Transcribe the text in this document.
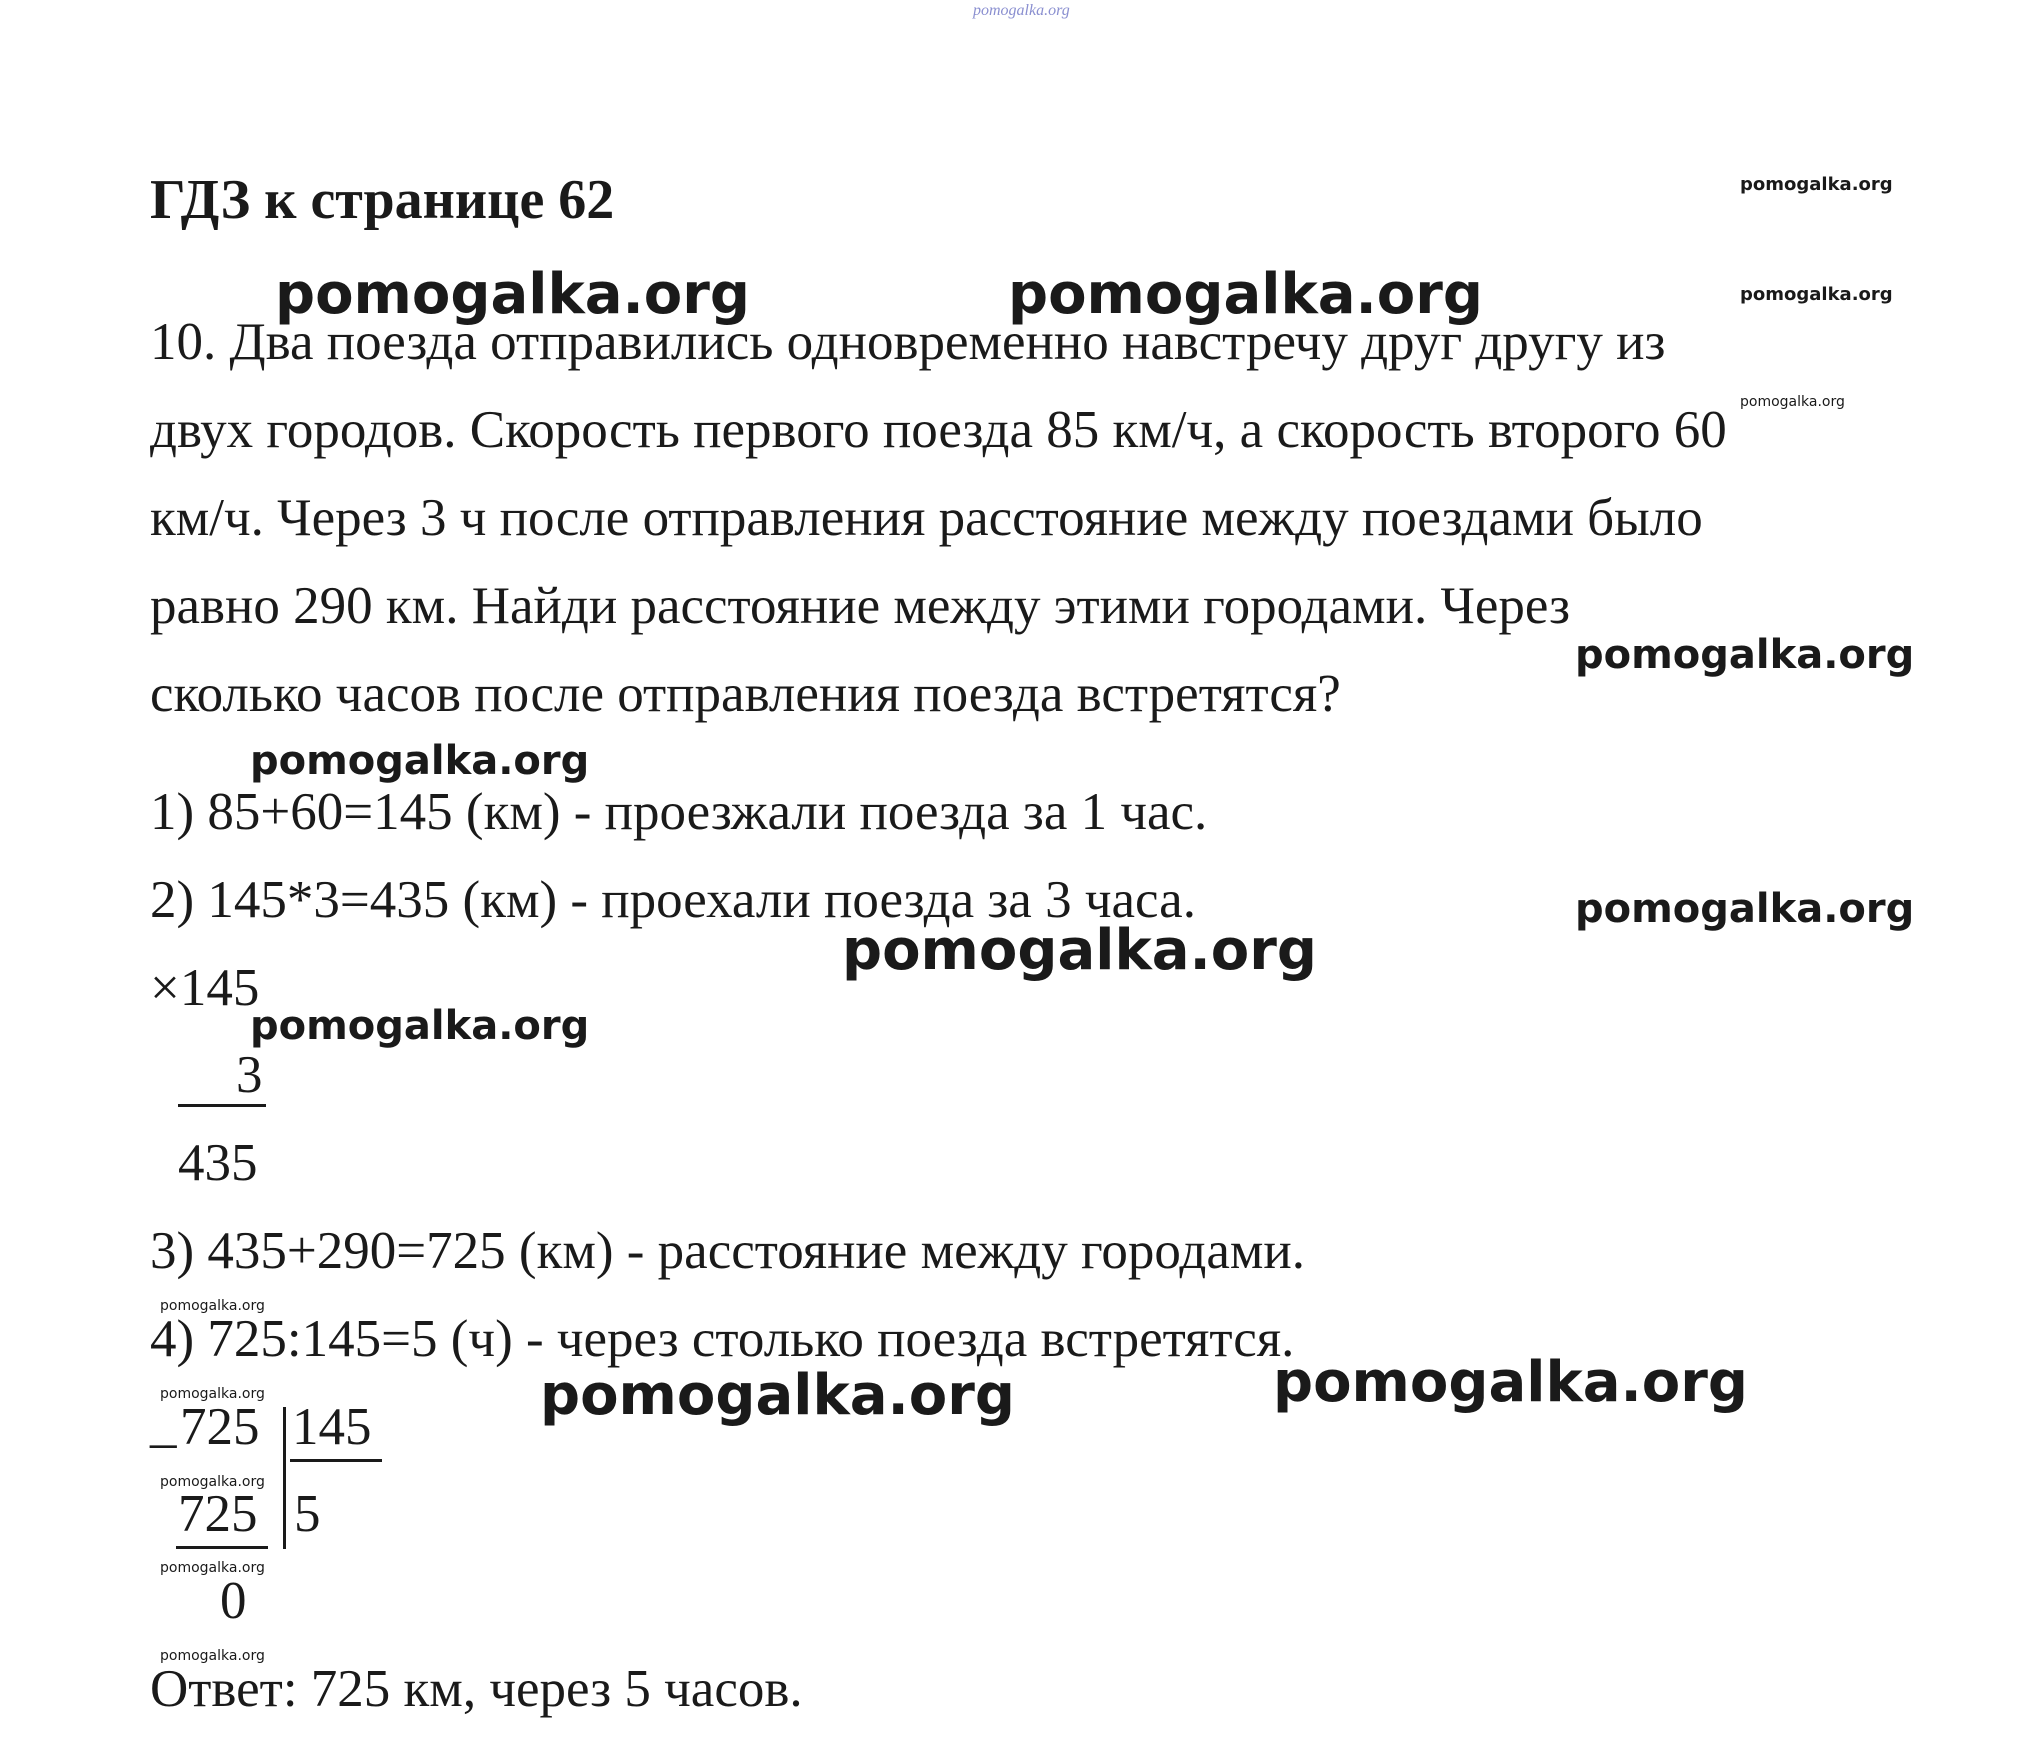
pomogalka.org
ГДЗ к странице 62
10. Два поезда отправились одновременно навстречу друг другу из
двух городов. Скорость первого поезда 85 км/ч, а скорость второго 60
км/ч. Через 3 ч после отправления расстояние между поездами было
равно 290 км. Найди расстояние между этими городами. Через
сколько часов после отправления поезда встретятся?
1) 85+60=145 (км) - проезжали поезда за 1 час.
2) 145*3=435 (км) - проехали поезда за 3 часа.
×145
3
435
3) 435+290=725 (км) - расстояние между городами.
4) 725:145=5 (ч) - через столько поезда встретятся.
_ 725 145
725 5
0
Ответ: 725 км, через 5 часов.
pomogalka.org
pomogalka.org
pomogalka.org
pomogalka.org	pomogalka.org
pomogalka.org
pomogalka.org
pomogalka.org
pomogalka.org
pomogalka.org
pomogalka.org
pomogalka.org
pomogalka.org	pomogalka.org
pomogalka.org
pomogalka.org
pomogalka.org
